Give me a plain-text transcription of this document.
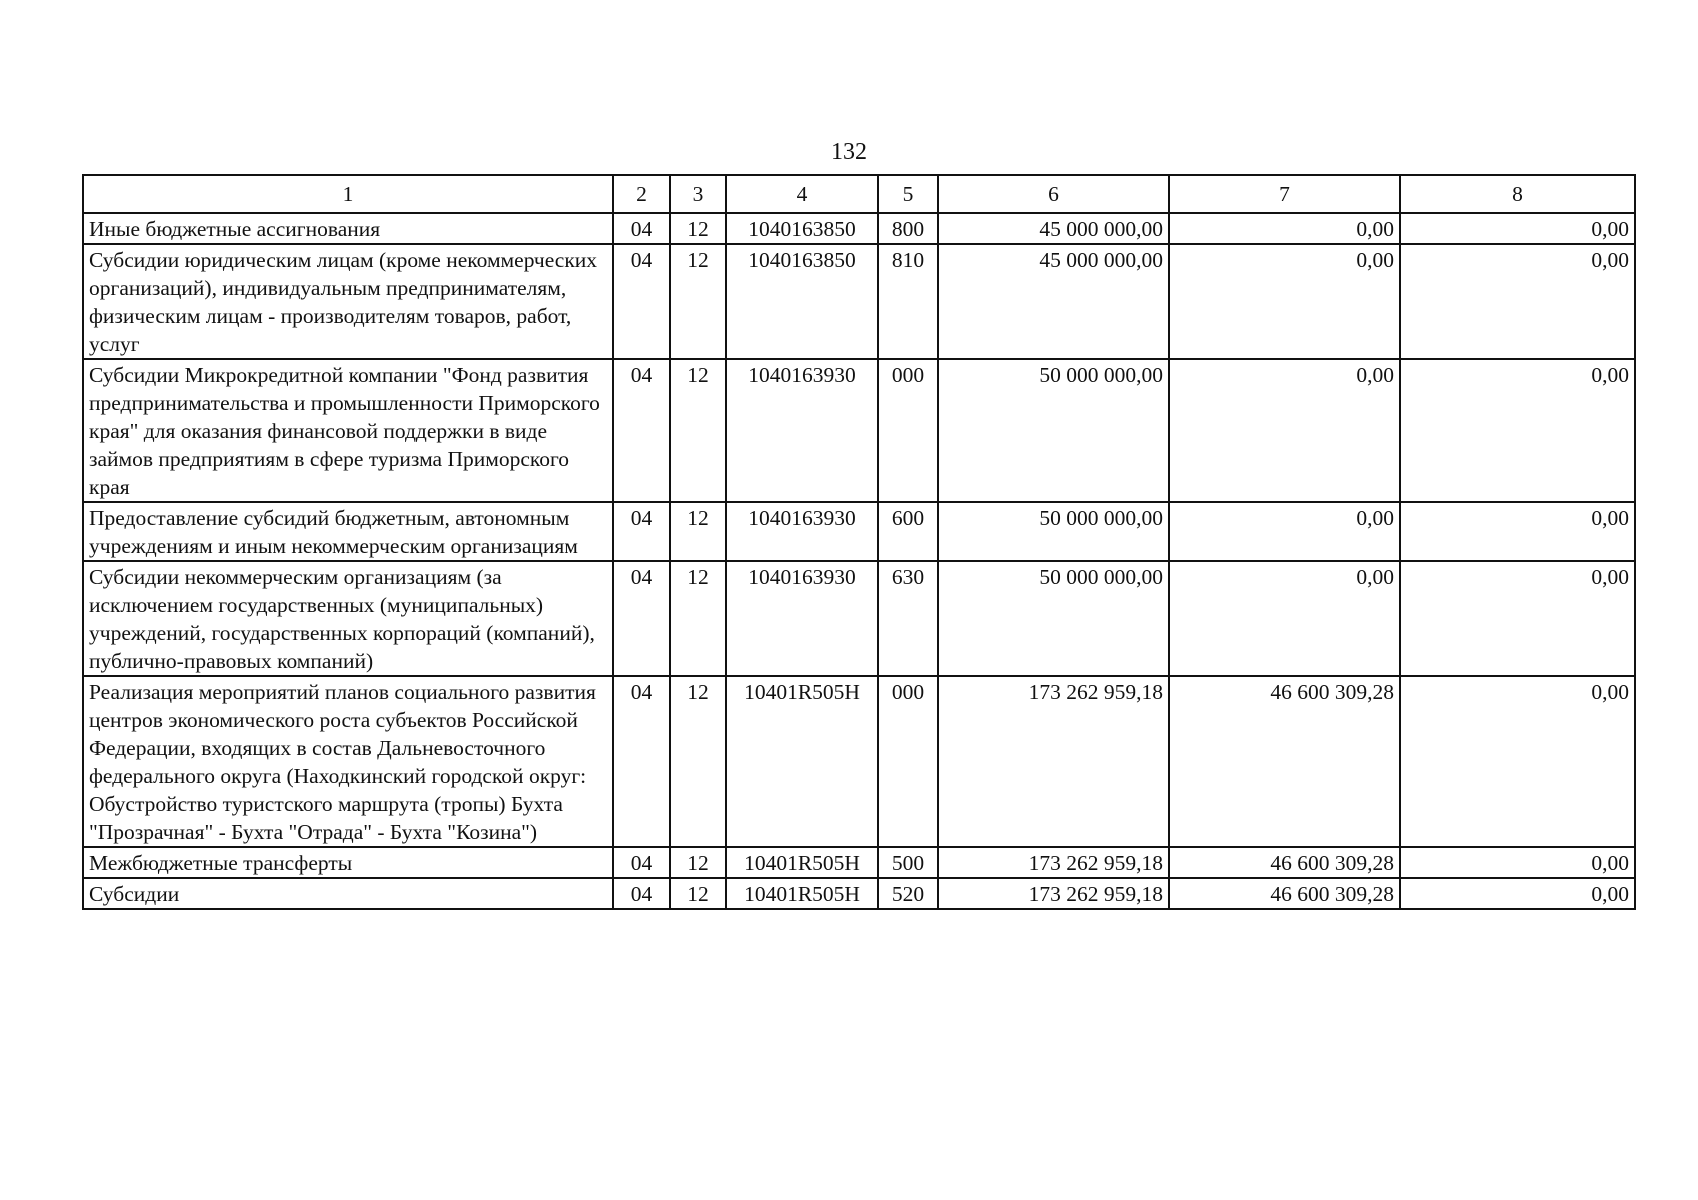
132
1	2	3	4	5	6	7	8
Иные бюджетные ассигнования	04	12	1040163850	800	45 000 000,00	0,00	0,00
Субсидии юридическим лицам (кроме некоммерческих организаций), индивидуальным предпринимателям, физическим лицам - производителям товаров, работ, услуг	04	12	1040163850	810	45 000 000,00	0,00	0,00
Субсидии Микрокредитной компании "Фонд развития предпринимательства и промышленности Приморского края" для оказания финансовой поддержки в виде займов предприятиям в сфере туризма Приморского края	04	12	1040163930	000	50 000 000,00	0,00	0,00
Предоставление субсидий бюджетным, автономным учреждениям и иным некоммерческим организациям	04	12	1040163930	600	50 000 000,00	0,00	0,00
Субсидии некоммерческим организациям (за исключением государственных (муниципальных) учреждений, государственных корпораций (компаний), публично-правовых компаний)	04	12	1040163930	630	50 000 000,00	0,00	0,00
Реализация мероприятий планов социального развития центров экономического роста субъектов Российской Федерации, входящих в состав Дальневосточного федерального округа (Находкинский городской округ: Обустройство туристского маршрута (тропы) Бухта "Прозрачная" - Бухта "Отрада" - Бухта "Козина")	04	12	10401R505H	000	173 262 959,18	46 600 309,28	0,00
Межбюджетные трансферты	04	12	10401R505H	500	173 262 959,18	46 600 309,28	0,00
Субсидии	04	12	10401R505H	520	173 262 959,18	46 600 309,28	0,00
